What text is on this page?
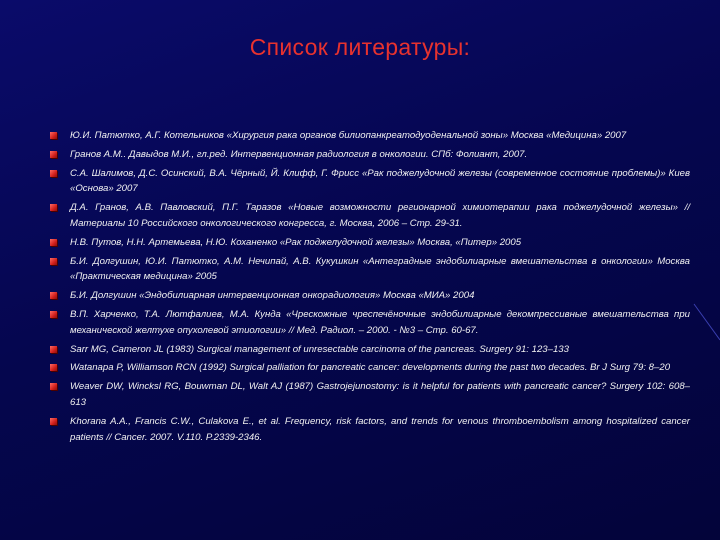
Список литературы:
Ю.И. Патютко, А.Г. Котельников «Хирургия рака органов билиопанкреатодуоденальной зоны» Москва «Медицина» 2007
Гранов А.М.. Давыдов М.И., гл.ред. Интервенционная радиология в онкологии. СПб: Фолиант, 2007.
С.А. Шалимов, Д.С. Осинский, В.А. Чёрный, Й. Клифф, Г. Фрисс «Рак поджелудочной железы (современное состояние проблемы)» Киев «Основа» 2007
Д.А. Гранов, А.В. Павловский, П.Г. Таразов «Новые возможности регионарной химиотерапии рака поджелудочной железы» // Материалы 10 Российского онкологического конгресса, г. Москва, 2006 – Стр. 29-31.
Н.В. Путов, Н.Н. Артемьева, Н.Ю. Коханенко «Рак поджелудочной железы» Москва, «Питер» 2005
Б.И. Долгушин, Ю.И. Патютко, А.М. Нечипай, А.В. Кукушкин «Антеградные эндобилиарные вмешательства в онкологии» Москва «Практическая медицина» 2005
Б.И. Долгушин «Эндобилиарная интервенционная онкорадиология» Москва «МИА» 2004
В.П. Харченко, Т.А. Лютфалиев, М.А. Кунда «Чрескожные чреспечёночные эндобилиарные декомпрессивные вмешательства при механической желтухе опухолевой этиологии» // Мед. Радиол. – 2000. - №3 – Стр. 60-67.
Sarr MG, Cameron JL (1983) Surgical management of unresectable carcinoma of the pancreas. Surgery 91: 123–133
Watanapa P, Williamson RCN (1992) Surgical palliation for pancreatic cancer: developments during the past two decades. Br J Surg 79: 8–20
Weaver DW, Wincksl RG, Bouwman DL, Walt AJ (1987) Gastrojejunostomy: is it helpful for patients with pancreatic cancer? Surgery 102: 608–613
Khorana A.A., Francis C.W., Culakova E., et al. Frequency, risk factors, and trends for venous thromboembolism among hospitalized cancer patients // Cancer. 2007. V.110. P.2339-2346.
